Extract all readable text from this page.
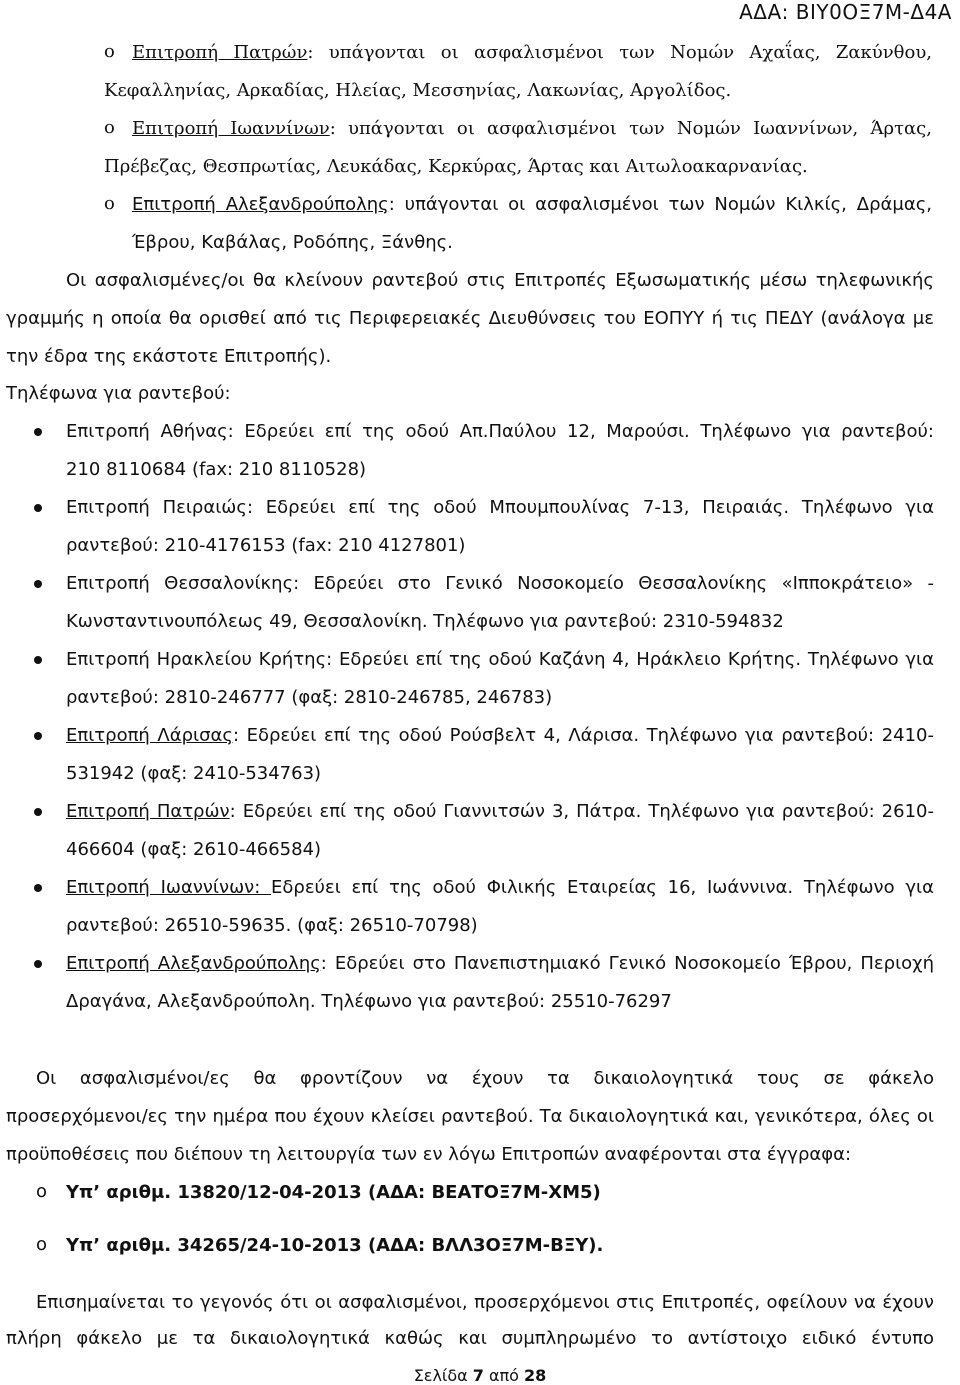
ΑΔΑ: ΒΙΥ0ΟΞ7Μ-Δ4Α
o Επιτροπή Πατρών: υπάγονται οι ασφαλισμένοι των Νομών Αχαΐας, Ζακύνθου,
Κεφαλληνίας, Αρκαδίας, Ηλείας, Μεσσηνίας, Λακωνίας, Αργολίδος.
o Επιτροπή Ιωαννίνων: υπάγονται οι ασφαλισμένοι των Νομών Ιωαννίνων, Άρτας,
Πρέβεζας, Θεσπρωτίας, Λευκάδας, Κερκύρας, Άρτας και Αιτωλοακαρνανίας.
o Επιτροπή Αλεξανδρούπολης: υπάγονται οι ασφαλισμένοι των Νομών Κιλκίς, Δράμας,
Έβρου, Καβάλας, Ροδόπης, Ξάνθης.
Οι ασφαλισμένες/οι θα κλείνουν ραντεβού στις Επιτροπές Εξωσωματικής μέσω τηλεφωνικής
γραμμής η οποία θα ορισθεί από τις Περιφερειακές Διευθύνσεις του ΕΟΠΥΥ ή τις ΠΕΔΥ (ανάλογα με
την έδρα της εκάστοτε Επιτροπής).
Τηλέφωνα για ραντεβού:
Επιτροπή Αθήνας: Εδρεύει επί της οδού Απ.Παύλου 12, Μαρούσι. Τηλέφωνο για ραντεβού:
210 8110684 (fax: 210 8110528)
Επιτροπή Πειραιώς: Εδρεύει επί της οδού Μπουμπουλίνας 7-13, Πειραιάς. Τηλέφωνο για
ραντεβού: 210-4176153 (fax: 210 4127801)
Επιτροπή Θεσσαλονίκης: Εδρεύει στο Γενικό Νοσοκομείο Θεσσαλονίκης «Ιπποκράτειο» -
Κωνσταντινουπόλεως 49, Θεσσαλονίκη. Τηλέφωνο για ραντεβού: 2310-594832
Επιτροπή Ηρακλείου Κρήτης: Εδρεύει επί της οδού Καζάνη 4, Ηράκλειο Κρήτης. Τηλέφωνο για
ραντεβού: 2810-246777 (φαξ: 2810-246785, 246783)
Επιτροπή Λάρισας: Εδρεύει επί της οδού Ρούσβελτ 4, Λάρισα. Τηλέφωνο για ραντεβού: 2410-
531942 (φαξ: 2410-534763)
Επιτροπή Πατρών: Εδρεύει επί της οδού Γιαννιτσών 3, Πάτρα. Τηλέφωνο για ραντεβού: 2610-
466604 (φαξ: 2610-466584)
Επιτροπή Ιωαννίνων: Εδρεύει επί της οδού Φιλικής Εταιρείας 16, Ιωάννινα. Τηλέφωνο για
ραντεβού: 26510-59635. (φαξ: 26510-70798)
Επιτροπή Αλεξανδρούπολης: Εδρεύει στο Πανεπιστημιακό Γενικό Νοσοκομείο Έβρου, Περιοχή
Δραγάνα, Αλεξανδρούπολη. Τηλέφωνο για ραντεβού: 25510-76297
Οι ασφαλισμένοι/ες θα φροντίζουν να έχουν τα δικαιολογητικά τους σε φάκελο
προσερχόμενοι/ες την ημέρα που έχουν κλείσει ραντεβού. Τα δικαιολογητικά και, γενικότερα, όλες οι
προϋποθέσεις που διέπουν τη λειτουργία των εν λόγω Επιτροπών αναφέρονται στα έγγραφα:
o Υπ’ αριθμ. 13820/12-04-2013 (ΑΔΑ: ΒΕΑΤΟΞ7Μ-ΧΜ5)
o Υπ’ αριθμ. 34265/24-10-2013 (ΑΔΑ: ΒΛΛ3ΟΞ7Μ-ΒΞΥ).
Επισημαίνεται το γεγονός ότι οι ασφαλισμένοι, προσερχόμενοι στις Επιτροπές, οφείλουν να έχουν
πλήρη φάκελο με τα δικαιολογητικά καθώς και συμπληρωμένο το αντίστοιχο ειδικό έντυπο
Σελίδα 7 από 28
